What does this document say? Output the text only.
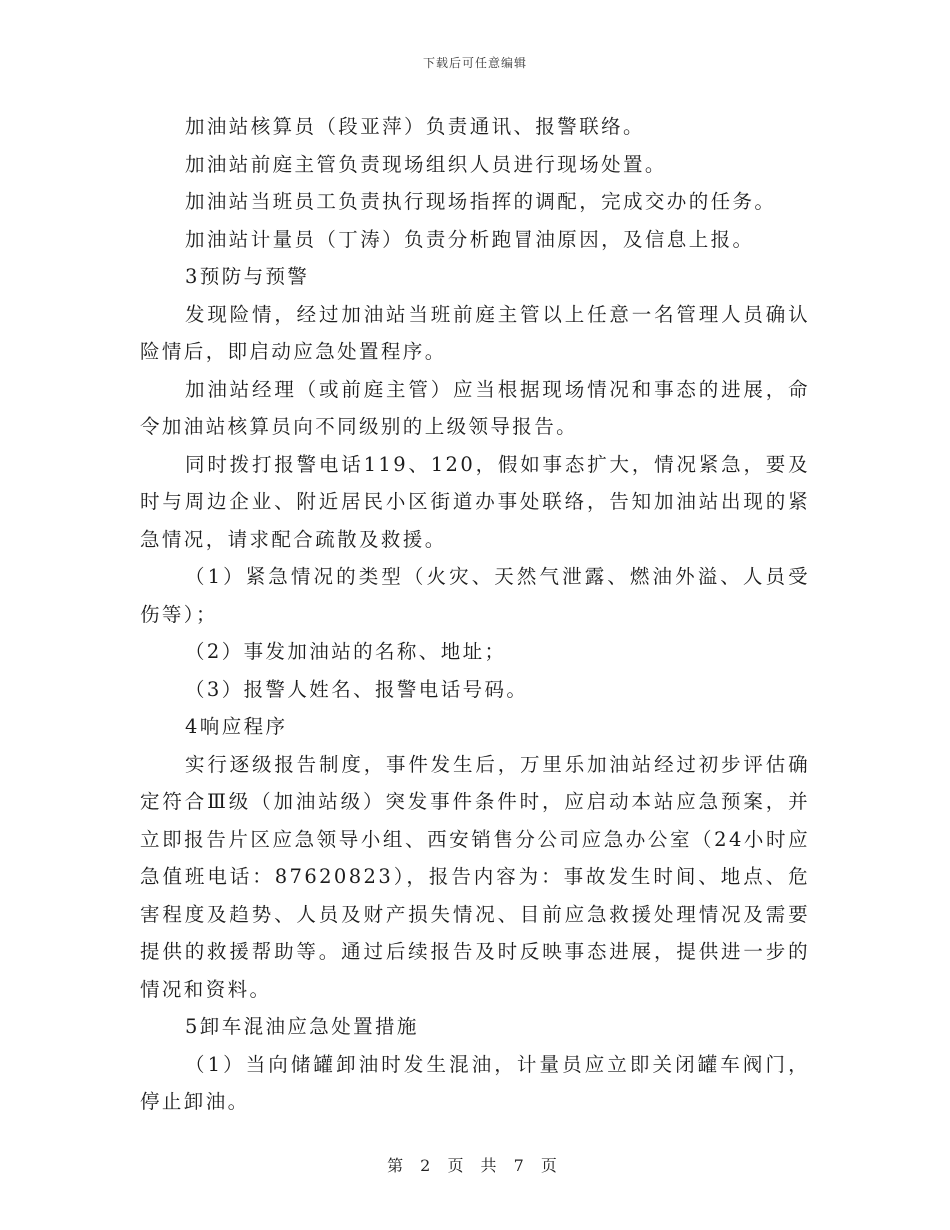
下载后可任意编辑

加油站核算员（段亚萍）负责通讯、报警联络。

加油站前庭主管负责现场组织人员进行现场处置。

加油站当班员工负责执行现场指挥的调配，完成交办的任务。

加油站计量员（丁涛）负责分析跑冒油原因，及信息上报。

3预防与预警

发现险情，经过加油站当班前庭主管以上任意一名管理人员确认险情后，即启动应急处置程序。

加油站经理（或前庭主管）应当根据现场情况和事态的进展，命令加油站核算员向不同级别的上级领导报告。

同时拨打报警电话119、120，假如事态扩大，情况紧急，要及时与周边企业、附近居民小区街道办事处联络，告知加油站出现的紧急情况，请求配合疏散及救援。

（1）紧急情况的类型（火灾、天然气泄露、燃油外溢、人员受伤等）；

（2）事发加油站的名称、地址；

（3）报警人姓名、报警电话号码。

4响应程序

实行逐级报告制度，事件发生后，万里乐加油站经过初步评估确定符合Ⅲ级（加油站级）突发事件条件时，应启动本站应急预案，并立即报告片区应急领导小组、西安销售分公司应急办公室（24小时应急值班电话：87620823），报告内容为：事故发生时间、地点、危害程度及趋势、人员及财产损失情况、目前应急救援处理情况及需要提供的救援帮助等。通过后续报告及时反映事态进展，提供进一步的情况和资料。

5卸车混油应急处置措施

（1）当向储罐卸油时发生混油，计量员应立即关闭罐车阀门，停止卸油。

第 2 页 共 7 页
